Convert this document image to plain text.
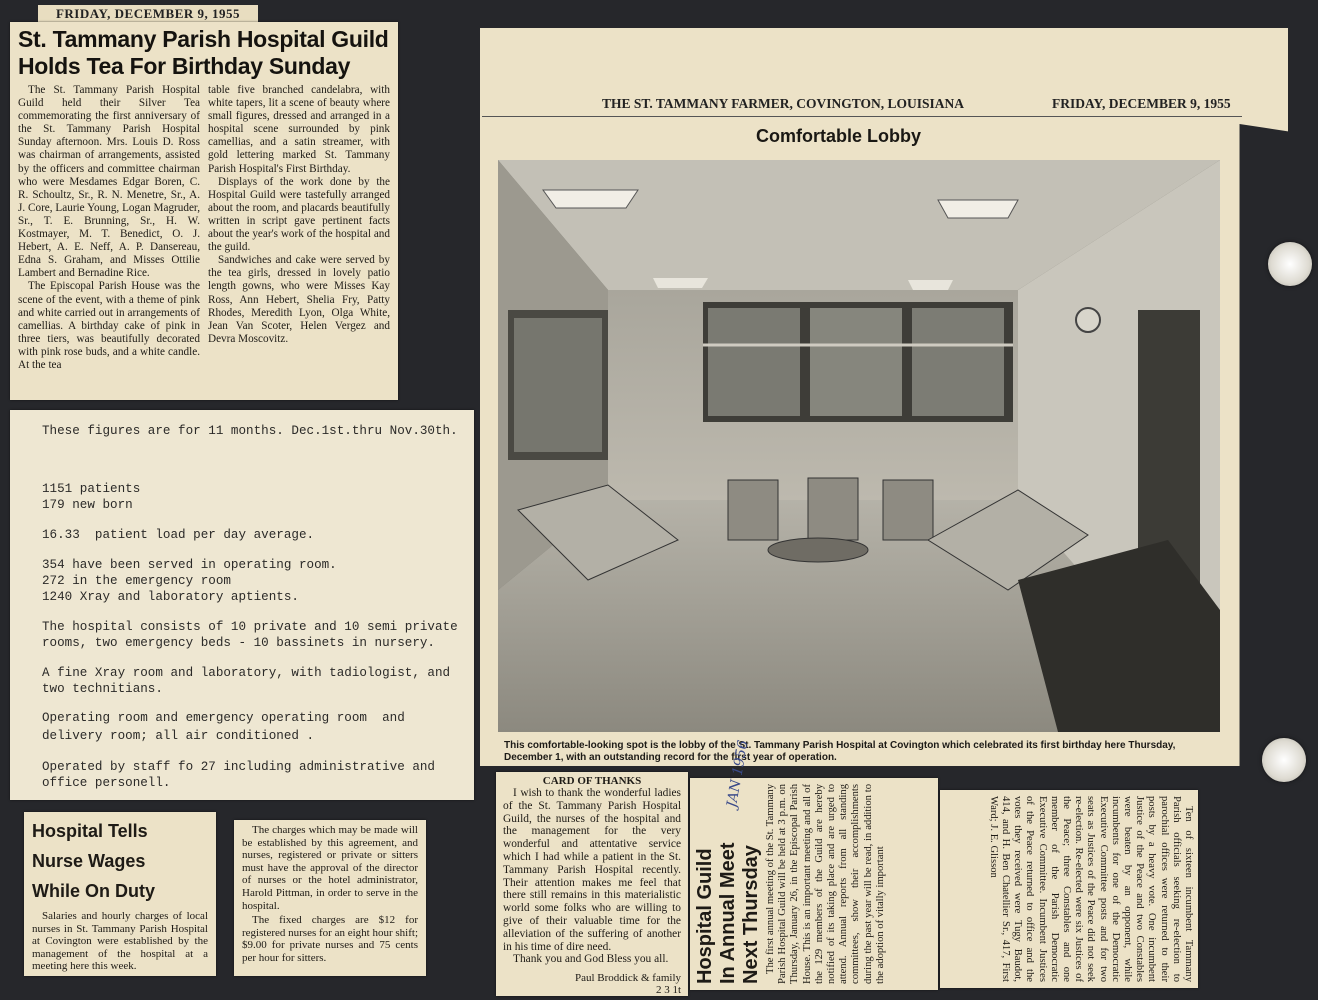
FRIDAY, DECEMBER 9, 1955
St. Tammany Parish Hospital Guild
Holds Tea For Birthday Sunday

The St. Tammany Parish Hospital Guild held their Silver Tea commemorating the first anniversary of the St. Tammany Parish Hospital Sunday afternoon. Mrs. Louis D. Ross was chairman of arrangements, assisted by the officers and committee chairman who were Mesdames Edgar Boren, C. R. Schoultz, Sr., R. N. Menetre, Sr., A. J. Core, Laurie Young, Logan Magruder, Sr., T. E. Brunning, Sr., H. W. Kostmayer, M. T. Benedict, O. J. Hebert, A. E. Neff, A. P. Dansereau, Edna S. Graham, and Misses Ottilie Lambert and Bernadine Rice.

The Episcopal Parish House was the scene of the event, with a theme of pink and white carried out in arrangements of camellias. A birthday cake of pink in three tiers, was beautifully decorated with pink rose buds, and a white candle. At the tea

table five branched candelabra, with white tapers, lit a scene of beauty where small figures, dressed and arranged in a hospital scene surrounded by pink camellias, and a satin streamer, with gold lettering marked St. Tammany Parish Hospital's First Birthday.

Displays of the work done by the Hospital Guild were tastefully arranged about the room, and placards beautifully written in script gave pertinent facts about the year's work of the hospital and the guild.

Sandwiches and cake were served by the tea girls, dressed in lovely patio length gowns, who were Misses Kay Ross, Ann Hebert, Shelia Fry, Patty Rhodes, Meredith Lyon, Olga White, Jean Van Scoter, Helen Vergez and Devra Moscovitz.

These figures are for 11 months. Dec.1st.thru Nov.30th.
1151 patients
179 new born
16.33  patient load per day average.
354 have been served in operating room.
272 in the emergency room
1240 Xray and laboratory aptients.
The hospital consists of 10 private and 10 semi private
rooms, two emergency beds - 10 bassinets in nursery.
A fine Xray room and laboratory, with tadiologist, and
two technitians.
Operating room and emergency operating room  and
delivery room; all air conditioned .
Operated by staff fo 27 including administrative and
office personell.
THE ST. TAMMANY FARMER, COVINGTON, LOUISIANA	FRIDAY, DECEMBER 9, 1955
Comfortable Lobby
This comfortable-looking spot is the lobby of the St. Tammany Parish Hospital at Covington which celebrated its first birthday here Thursday, December 1, with an outstanding record for the first year of operation.
Hospital Tells
Nurse Wages
While On Duty

Salaries and hourly charges of local nurses in St. Tammany Parish Hospital at Covington were established by the management of the hospital at a meeting here this week.

The charges which may be made will be established by this agreement, and nurses, registered or private or sitters must have the approval of the director of nurses or the hotel administrator, Harold Pittman, in order to serve in the hospital.

The fixed charges are $12 for registered nurses for an eight hour shift; $9.00 for private nurses and 75 cents per hour for sitters.

CARD OF THANKS

I wish to thank the wonderful ladies of the St. Tammany Parish Hospital Guild, the nurses of the hospital and the management for the very wonderful and attentative service which I had while a patient in the St. Tammany Parish Hospital recently. Their attention makes me feel that there still remains in this materialistic world some folks who are willing to give of their valuable time for the alleviation of the suffering of another in his time of dire need.

Thank you and God Bless you all.

Paul Broddick & family
2 3 1t
Hospital Guild In Annual Meet Next Thursday The first annual meeting of the St. Tammany Parish Hospital Guild will be held at 3 p.m. on Thursday, January 26, in the Episcopal Parish House. This is an important meeting and all of the 129 members of the Guild are hereby notified of its taking place and are urged to attend. Annual reports from all standing committees, show their accomplishments during the past year will be read, in addition to the adoption of vitally important

JAN 1956

Ten of sixteen incumbent Tammany Parish officials seeking re-election to parochial offices were returned to their posts by a heavy vote. One incumbent Justice of the Peace and two Constables were beaten by an opponent, while incumbents for one of the Democratic Executive Committee posts and for two seats as Justices of the Peace did not seek re-election. Re-elected were six Justices of the Peace; three Constables and one member of the Parish Democratic Executive Committee. Incumbent Justices of the Peace returned to office and the votes they received were Tugy Baudot, 414, and H. Ben Chatellier Sr., 417, First Ward; J. E. Glisson
